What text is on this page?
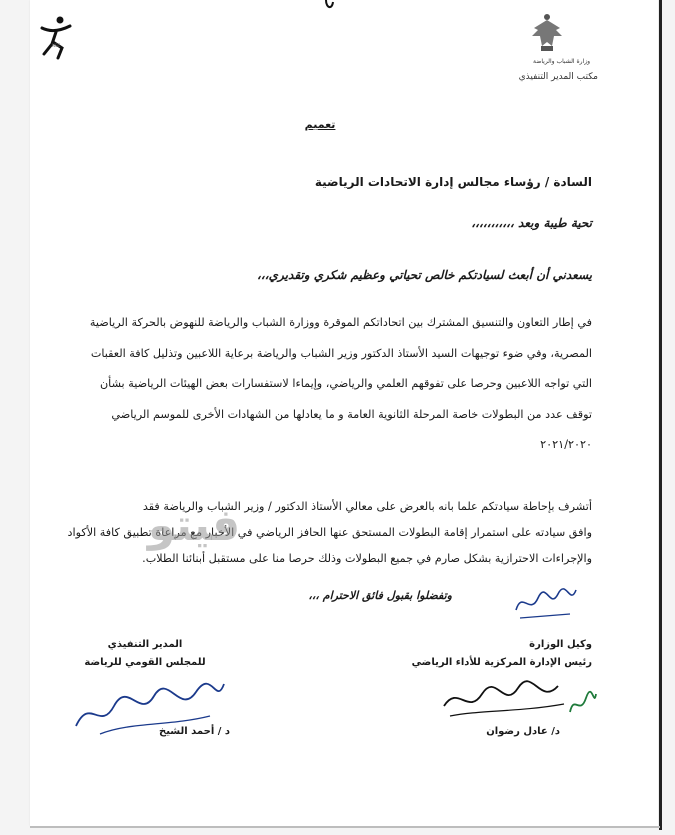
NSC
وزارة الشباب والرياضة
مكتب المدير التنفيذي
تعميم
السادة / رؤساء مجالس إدارة الاتحادات الرياضية
تحية طيبة وبعد ،،،،،،،،،،،
يسعدني أن أبعث لسيادتكم خالص تحياتي وعظيم شكري وتقديري،،،
في إطار التعاون والتنسيق المشترك بين اتحاداتكم الموقرة ووزارة الشباب والرياضة للنهوض بالحركة الرياضية
المصرية، وفي ضوء توجيهات السيد الأستاذ الدكتور وزير الشباب والرياضة برعاية اللاعبين وتذليل كافة العقبات
التي تواجه اللاعبين وحرصا على تفوقهم العلمي والرياضي، وإيماءا لاستفسارات بعض الهيئات الرياضية بشأن
توقف عدد من البطولات خاصة المرحلة الثانوية العامة و ما يعادلها من الشهادات الأخرى للموسم الرياضي
٢٠٢١/٢٠٢٠
أتشرف بإحاطة سيادتكم علما بانه بالعرض على معالي الأستاذ الدكتور / وزير الشباب والرياضة فقد
وافق سيادته على استمرار إقامة البطولات المستحق عنها الحافز الرياضي في الأخبار مع مراعاة تطبيق كافة الأكواد
والإجراءات الاحترازية بشكل صارم في جميع البطولات وذلك حرصا منا على مستقبل أبنائنا الطلاب.
فيتو
وتفضلوا بقبول فائق الاحترام ،،،
المدير التنفيذي
للمجلس القومي للرياضة
وكيل الوزارة
رئيس الإدارة المركزية للأداء الرياضي
د / أحمد الشيخ	د/ عادل رضوان
